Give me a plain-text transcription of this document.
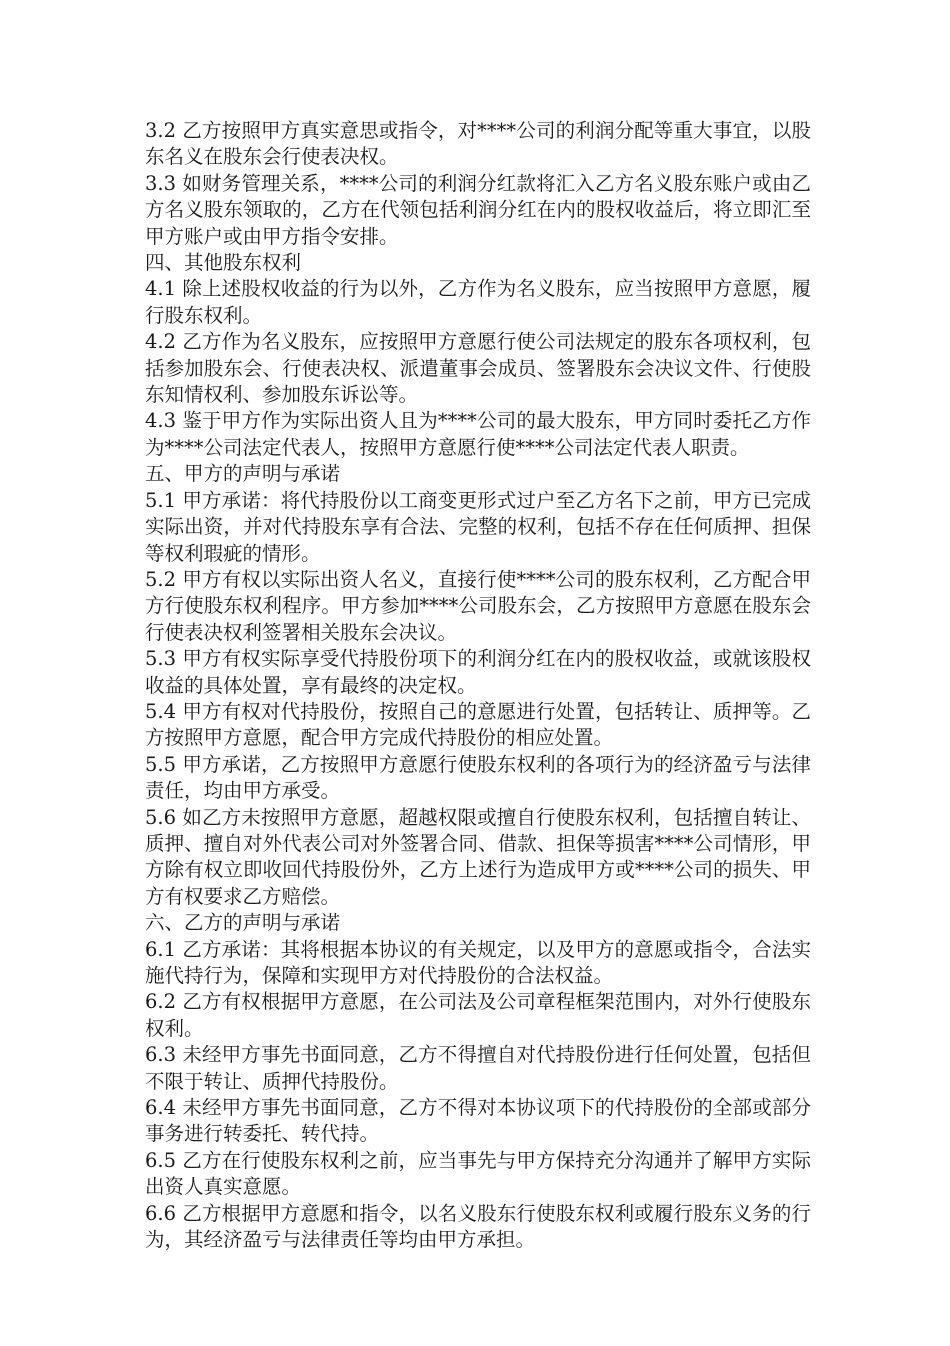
3.2 乙方按照甲方真实意思或指令，对****公司的利润分配等重大事宜，以股东名义在股东会行使表决权。

3.3 如财务管理关系，****公司的利润分红款将汇入乙方名义股东账户或由乙方名义股东领取的，乙方在代领包括利润分红在内的股权收益后，将立即汇至甲方账户或由甲方指令安排。

四、其他股东权利

4.1 除上述股权收益的行为以外，乙方作为名义股东，应当按照甲方意愿，履行股东权利。

4.2 乙方作为名义股东，应按照甲方意愿行使公司法规定的股东各项权利，包括参加股东会、行使表决权、派遣董事会成员、签署股东会决议文件、行使股东知情权利、参加股东诉讼等。

4.3 鉴于甲方作为实际出资人且为****公司的最大股东，甲方同时委托乙方作为****公司法定代表人，按照甲方意愿行使****公司法定代表人职责。

五、甲方的声明与承诺

5.1 甲方承诺：将代持股份以工商变更形式过户至乙方名下之前，甲方已完成实际出资，并对代持股东享有合法、完整的权利，包括不存在任何质押、担保等权利瑕疵的情形。

5.2 甲方有权以实际出资人名义，直接行使****公司的股东权利，乙方配合甲方行使股东权利程序。甲方参加****公司股东会，乙方按照甲方意愿在股东会行使表决权利签署相关股东会决议。

5.3 甲方有权实际享受代持股份项下的利润分红在内的股权收益，或就该股权收益的具体处置，享有最终的决定权。

5.4 甲方有权对代持股份，按照自己的意愿进行处置，包括转让、质押等。乙方按照甲方意愿，配合甲方完成代持股份的相应处置。

5.5 甲方承诺，乙方按照甲方意愿行使股东权利的各项行为的经济盈亏与法律责任，均由甲方承受。

5.6 如乙方未按照甲方意愿，超越权限或擅自行使股东权利，包括擅自转让、质押、擅自对外代表公司对外签署合同、借款、担保等损害****公司情形，甲方除有权立即收回代持股份外，乙方上述行为造成甲方或****公司的损失、甲方有权要求乙方赔偿。

六、乙方的声明与承诺

6.1 乙方承诺：其将根据本协议的有关规定，以及甲方的意愿或指令，合法实施代持行为，保障和实现甲方对代持股份的合法权益。

6.2 乙方有权根据甲方意愿，在公司法及公司章程框架范围内，对外行使股东权利。

6.3 未经甲方事先书面同意，乙方不得擅自对代持股份进行任何处置，包括但不限于转让、质押代持股份。

6.4 未经甲方事先书面同意，乙方不得对本协议项下的代持股份的全部或部分事务进行转委托、转代持。

6.5 乙方在行使股东权利之前，应当事先与甲方保持充分沟通并了解甲方实际出资人真实意愿。

6.6 乙方根据甲方意愿和指令，以名义股东行使股东权利或履行股东义务的行为，其经济盈亏与法律责任等均由甲方承担。
